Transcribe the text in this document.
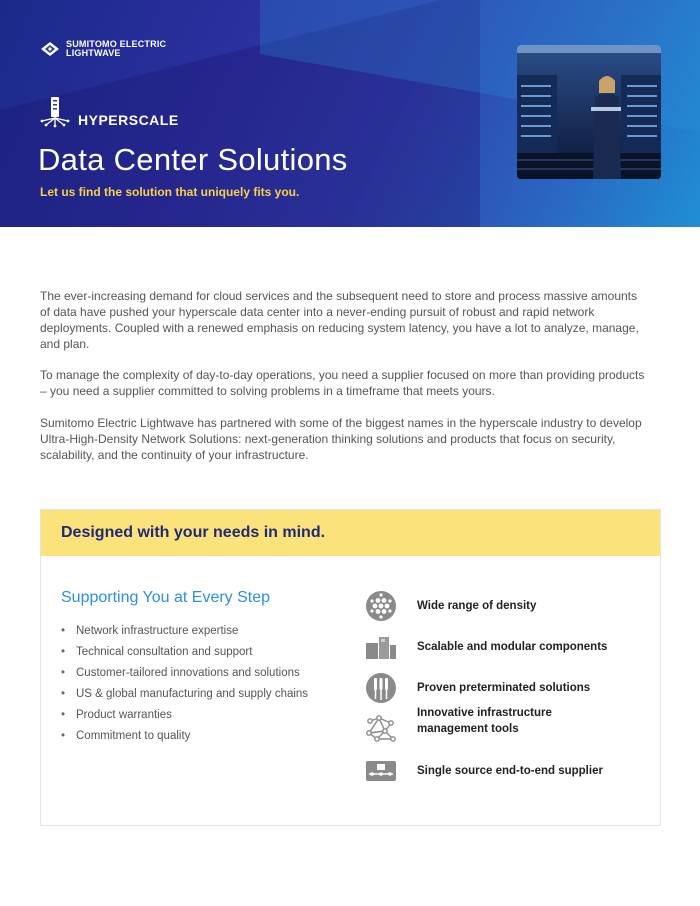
SUMITOMO ELECTRIC
LIGHTWAVE
HYPERSCALE
Data Center Solutions
Let us find the solution that uniquely fits you.

The ever-increasing demand for cloud services and the subsequent need to store and process massive amounts of data have pushed your hyperscale data center into a never-ending pursuit of robust and rapid network deployments. Coupled with a renewed emphasis on reducing system latency, you have a lot to analyze, manage, and plan.

To manage the complexity of day-to-day operations, you need a supplier focused on more than providing products – you need a supplier committed to solving problems in a timeframe that meets yours.

Sumitomo Electric Lightwave has partnered with some of the biggest names in the hyperscale industry to develop Ultra-High-Density Network Solutions: next-generation thinking solutions and products that focus on security, scalability, and the continuity of your infrastructure.

Designed with your needs in mind.
Supporting You at Every Step
• Network infrastructure expertise
• Technical consultation and support
• Customer-tailored innovations and solutions
• US & global manufacturing and supply chains
• Product warranties
• Commitment to quality
Wide range of density
Scalable and modular components
Proven preterminated solutions
Innovative infrastructure
management tools
Single source end-to-end supplier
